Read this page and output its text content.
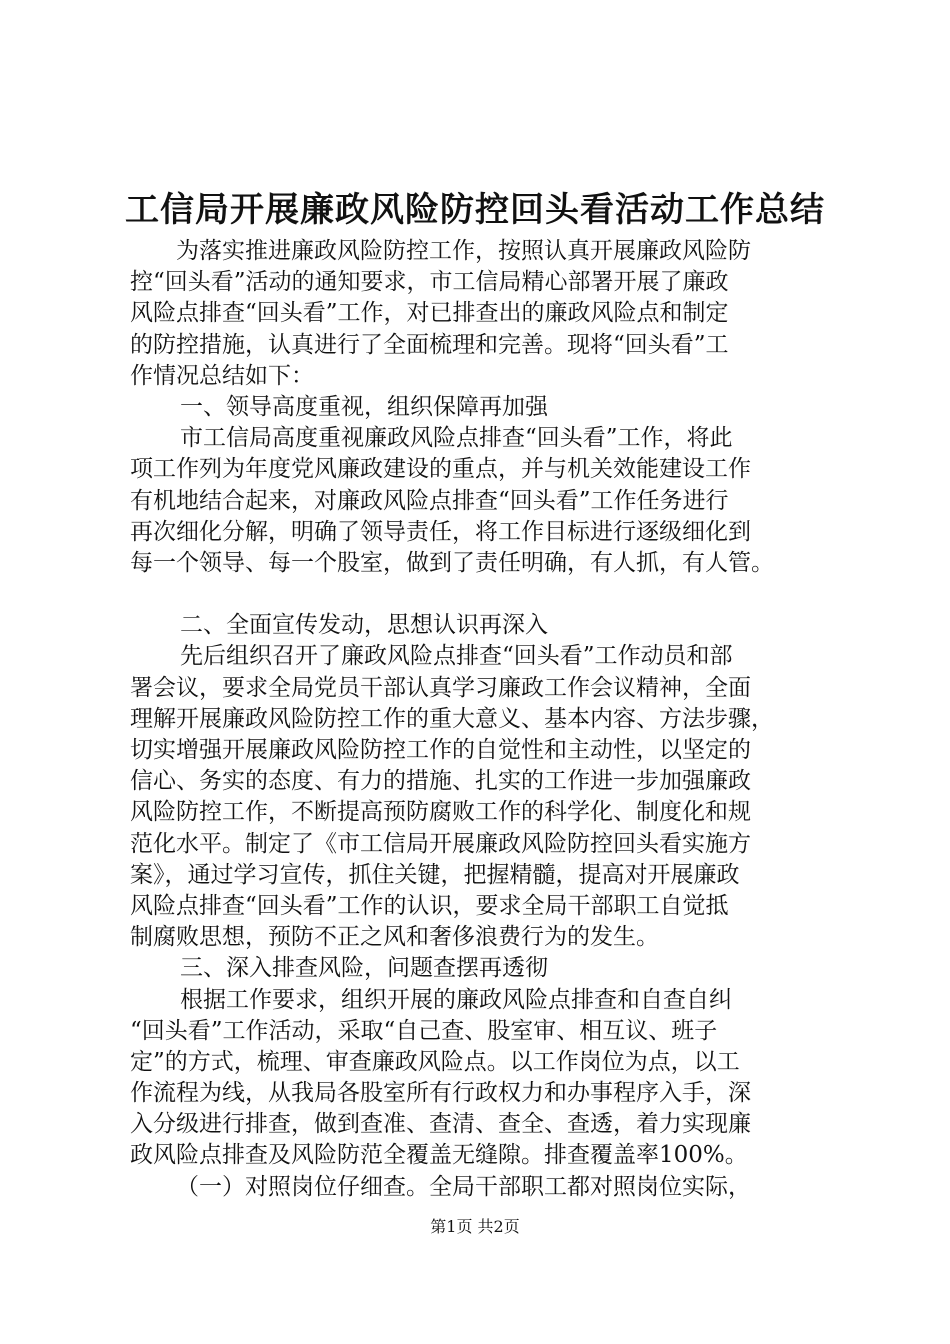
工信局开展廉政风险防控回头看活动工作总结
为落实推进廉政风险防控工作，按照认真开展廉政风险防
控“回头看”活动的通知要求，市工信局精心部署开展了廉政
风险点排查“回头看”工作，对已排查出的廉政风险点和制定
的防控措施，认真进行了全面梳理和完善。现将“回头看”工
作情况总结如下：
一、领导高度重视，组织保障再加强
市工信局高度重视廉政风险点排查“回头看”工作，将此
项工作列为年度党风廉政建设的重点，并与机关效能建设工作
有机地结合起来，对廉政风险点排查“回头看”工作任务进行
再次细化分解，明确了领导责任，将工作目标进行逐级细化到
每一个领导、每一个股室，做到了责任明确，有人抓，有人管。
二、全面宣传发动，思想认识再深入
先后组织召开了廉政风险点排查“回头看”工作动员和部
署会议，要求全局党员干部认真学习廉政工作会议精神，全面
理解开展廉政风险防控工作的重大意义、基本内容、方法步骤，
切实增强开展廉政风险防控工作的自觉性和主动性，以坚定的
信心、务实的态度、有力的措施、扎实的工作进一步加强廉政
风险防控工作，不断提高预防腐败工作的科学化、制度化和规
范化水平。制定了《市工信局开展廉政风险防控回头看实施方
案》，通过学习宣传，抓住关键，把握精髓，提高对开展廉政
风险点排查“回头看”工作的认识，要求全局干部职工自觉抵
制腐败思想，预防不正之风和奢侈浪费行为的发生。
三、深入排查风险，问题查摆再透彻
根据工作要求，组织开展的廉政风险点排查和自查自纠
“回头看”工作活动，采取“自己查、股室审、相互议、班子
定”的方式，梳理、审查廉政风险点。以工作岗位为点，以工
作流程为线，从我局各股室所有行政权力和办事程序入手，深
入分级进行排查，做到查准、查清、查全、查透，着力实现廉
政风险点排查及风险防范全覆盖无缝隙。排查覆盖率100%。
（一）对照岗位仔细查。全局干部职工都对照岗位实际，
第1页 共2页
